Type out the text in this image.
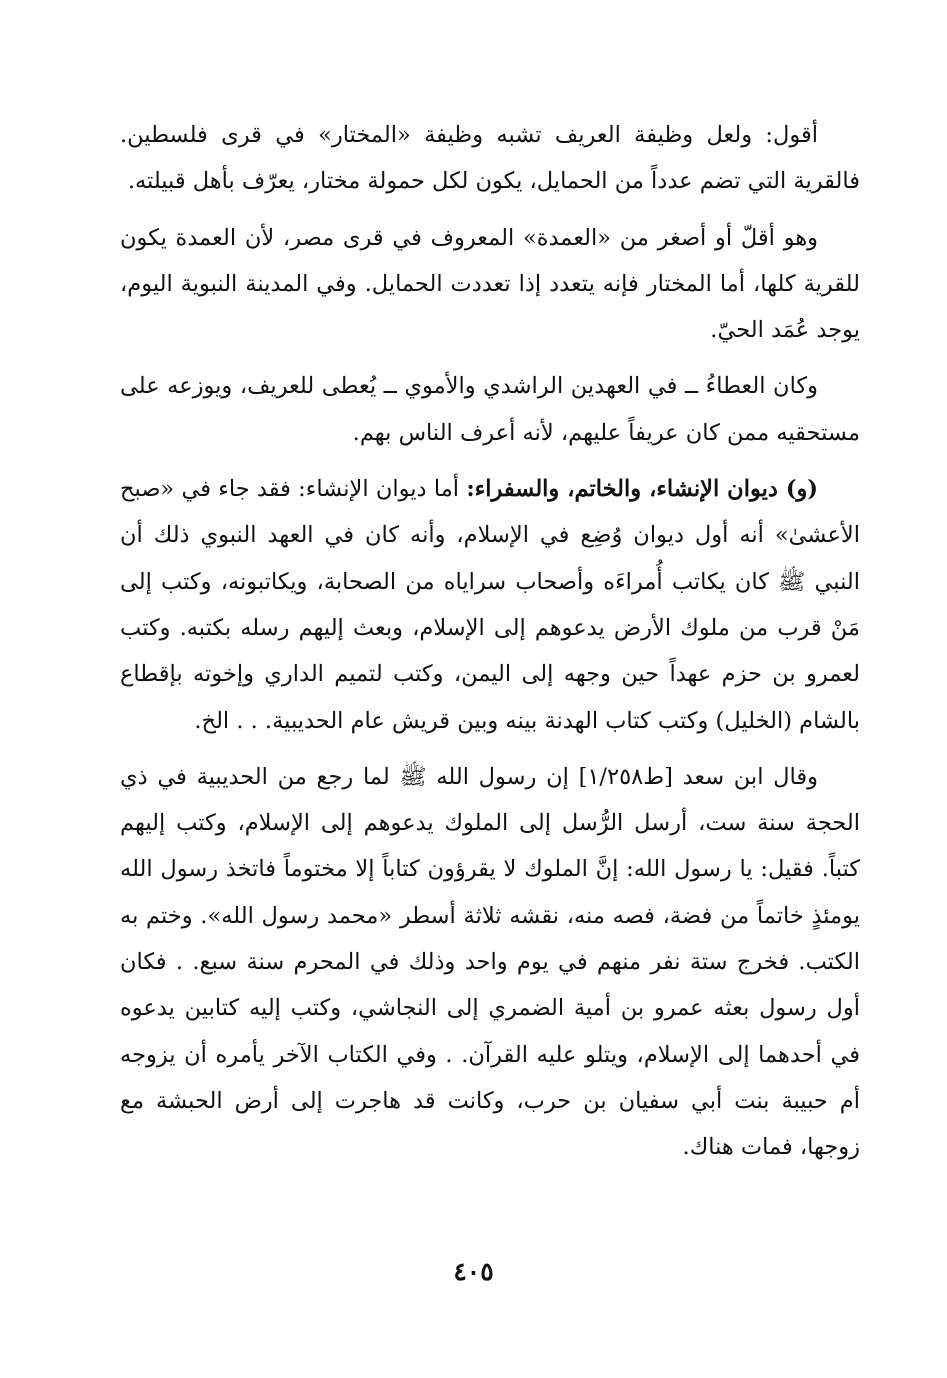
أقول: ولعل وظيفة العريف تشبه وظيفة «المختار» في قرى فلسطين. فالقرية التي تضم عدداً من الحمايل، يكون لكل حمولة مختار، يعرّف بأهل قبيلته.

وهو أقلّ أو أصغر من «العمدة» المعروف في قرى مصر، لأن العمدة يكون للقرية كلها، أما المختار فإنه يتعدد إذا تعددت الحمايل. وفي المدينة النبوية اليوم، يوجد عُمَد الحيّ.

وكان العطاءُ ــ في العهدين الراشدي والأموي ــ يُعطى للعريف، ويوزعه على مستحقيه ممن كان عريفاً عليهم، لأنه أعرف الناس بهم.

(و) ديوان الإنشاء، والخاتم، والسفراء: أما ديوان الإنشاء: فقد جاء في «صبح الأعشىٰ» أنه أول ديوان وُضِع في الإسلام، وأنه كان في العهد النبوي ذلك أن النبي ﷺ كان يكاتب أُمراءَه وأصحاب سراياه من الصحابة، ويكاتبونه، وكتب إلى مَنْ قرب من ملوك الأرض يدعوهم إلى الإسلام، وبعث إليهم رسله بكتبه. وكتب لعمرو بن حزم عهداً حين وجهه إلى اليمن، وكتب لتميم الداري وإخوته بإقطاع بالشام (الخليل) وكتب كتاب الهدنة بينه وبين قريش عام الحديبية. . . الخ.

وقال ابن سعد [ط١/٢٥٨] إن رسول الله ﷺ لما رجع من الحديبية في ذي الحجة سنة ست، أرسل الرُّسل إلى الملوك يدعوهم إلى الإسلام، وكتب إليهم كتباً. فقيل: يا رسول الله: إنَّ الملوك لا يقرؤون كتاباً إلا مختوماً فاتخذ رسول الله يومئذٍ خاتماً من فضة، فصه منه، نقشه ثلاثة أسطر «محمد رسول الله». وختم به الكتب. فخرج ستة نفر منهم في يوم واحد وذلك في المحرم سنة سبع. . فكان أول رسول بعثه عمرو بن أمية الضمري إلى النجاشي، وكتب إليه كتابين يدعوه في أحدهما إلى الإسلام، ويتلو عليه القرآن. . وفي الكتاب الآخر يأمره أن يزوجه أم حبيبة بنت أبي سفيان بن حرب، وكانت قد هاجرت إلى أرض الحبشة مع زوجها، فمات هناك.

٤٠٥
